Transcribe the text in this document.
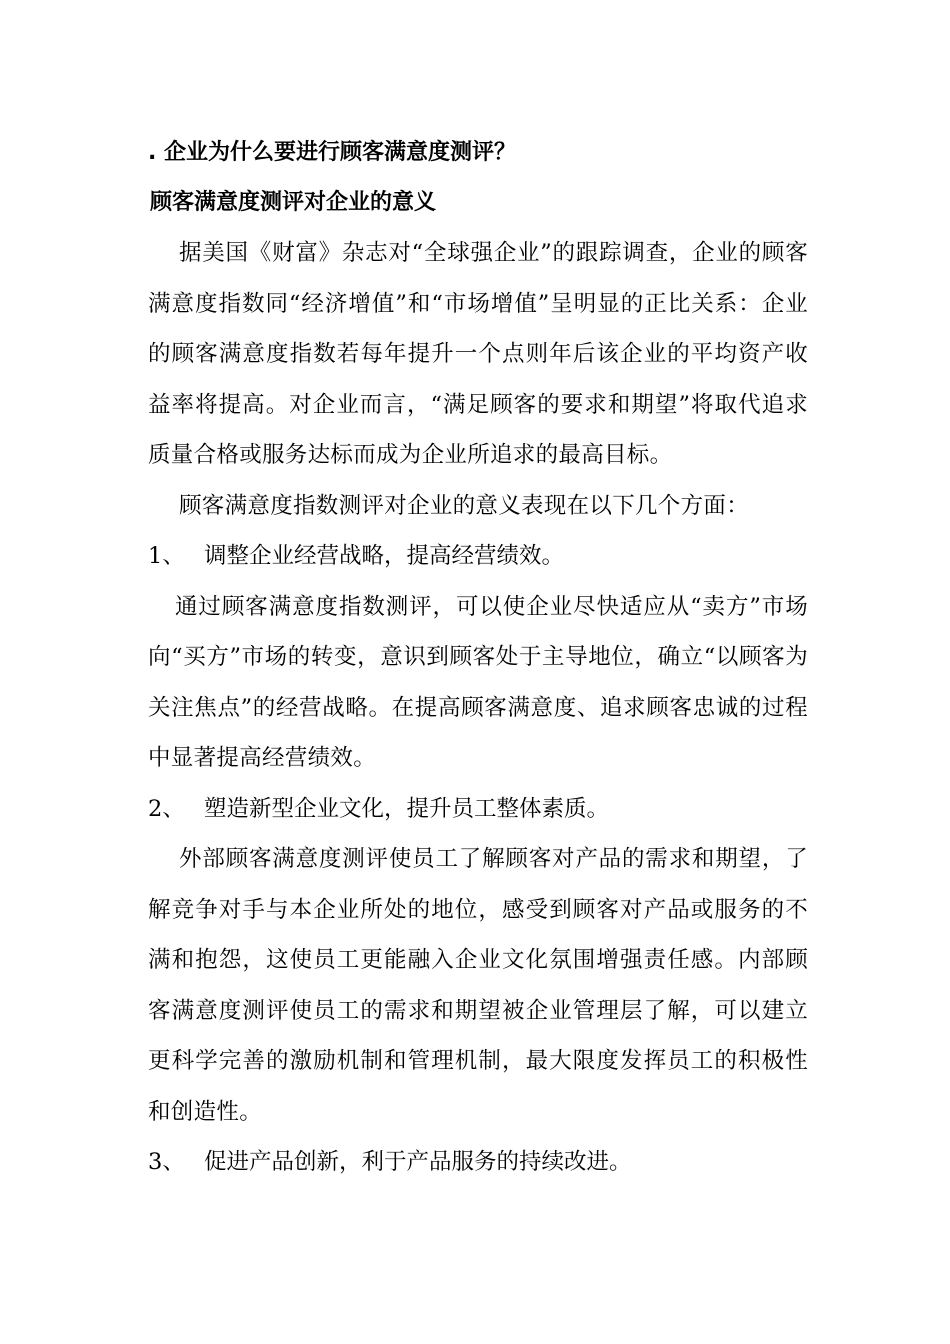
. 企业为什么要进行顾客满意度测评？
顾客满意度测评对企业的意义

据美国《财富》杂志对“全球强企业”的跟踪调查，企业的顾客满意度指数同“经济增值”和“市场增值”呈明显的正比关系：企业的顾客满意度指数若每年提升一个点则年后该企业的平均资产收益率将提高。对企业而言，“满足顾客的要求和期望”将取代追求质量合格或服务达标而成为企业所追求的最高目标。

顾客满意度指数测评对企业的意义表现在以下几个方面：

1、 调整企业经营战略，提高经营绩效。

通过顾客满意度指数测评，可以使企业尽快适应从“卖方”市场向“买方”市场的转变，意识到顾客处于主导地位，确立“以顾客为关注焦点”的经营战略。在提高顾客满意度、追求顾客忠诚的过程中显著提高经营绩效。

2、 塑造新型企业文化，提升员工整体素质。

外部顾客满意度测评使员工了解顾客对产品的需求和期望，了解竞争对手与本企业所处的地位，感受到顾客对产品或服务的不满和抱怨，这使员工更能融入企业文化氛围增强责任感。内部顾客满意度测评使员工的需求和期望被企业管理层了解，可以建立更科学完善的激励机制和管理机制，最大限度发挥员工的积极性和创造性。

3、 促进产品创新，利于产品服务的持续改进。
